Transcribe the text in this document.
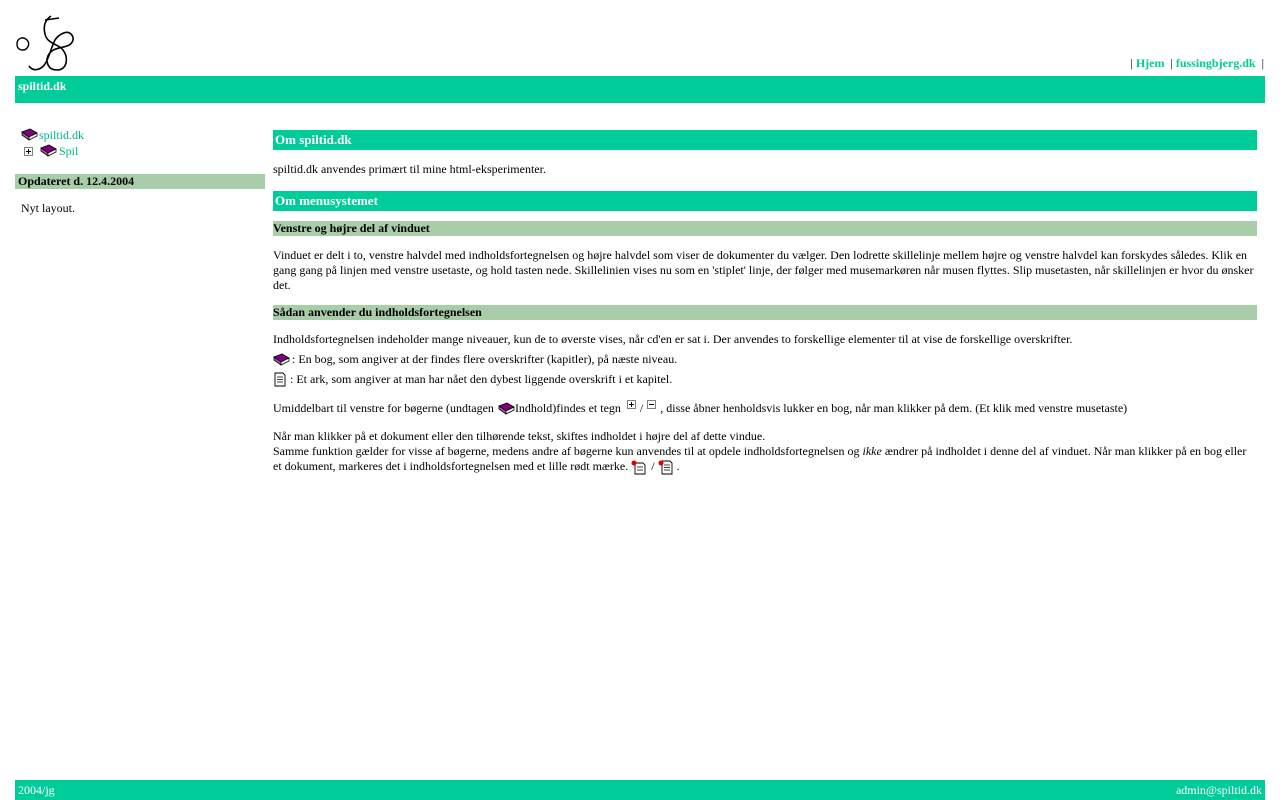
| Hjem | fussingbjerg.dk |
spiltid.dk
spiltid.dk
Spil
Opdateret d. 12.4.2004
Nyt layout.
Om spiltid.dk
spiltid.dk anvendes primært til mine html-eksperimenter.
Om menusystemet
Venstre og højre del af vinduet
Vinduet er delt i to, venstre halvdel med indholdsfortegnelsen og højre halvdel som viser de dokumenter du vælger. Den lodrette skillelinje mellem højre og venstre halvdel kan forskydes således. Klik en gang gang på linjen med venstre usetaste, og hold tasten nede. Skillelinien vises nu som en 'stiplet' linje, der følger med musemarkøren når musen flyttes. Slip musetasten, når skillelinjen er hvor du ønsker det.
Sådan anvender du indholdsfortegnelsen
Indholdsfortegnelsen indeholder mange niveauer, kun de to øverste vises, når cd'en er sat i. Der anvendes to forskellige elementer til at vise de forskellige overskrifter.
: En bog, som angiver at der findes flere overskrifter (kapitler), på næste niveau.
: Et ark, som angiver at man har nået den dybest liggende overskrift i et kapitel.
Umiddelbart til venstre for bøgerne (undtagen Indhold)findes et tegn / , disse åbner henholdsvis lukker en bog, når man klikker på dem. (Et klik med venstre musetaste)
Når man klikker på et dokument eller den tilhørende tekst, skiftes indholdet i højre del af dette vindue.
Samme funktion gælder for visse af bøgerne, medens andre af bøgerne kun anvendes til at opdele indholdsfortegnelsen og ikke ændrer på indholdet i denne del af vinduet. Når man klikker på en bog eller et dokument, markeres det i indholdsfortegnelsen med et lille rødt mærke. / .
2004/jg	admin@spiltid.dk
